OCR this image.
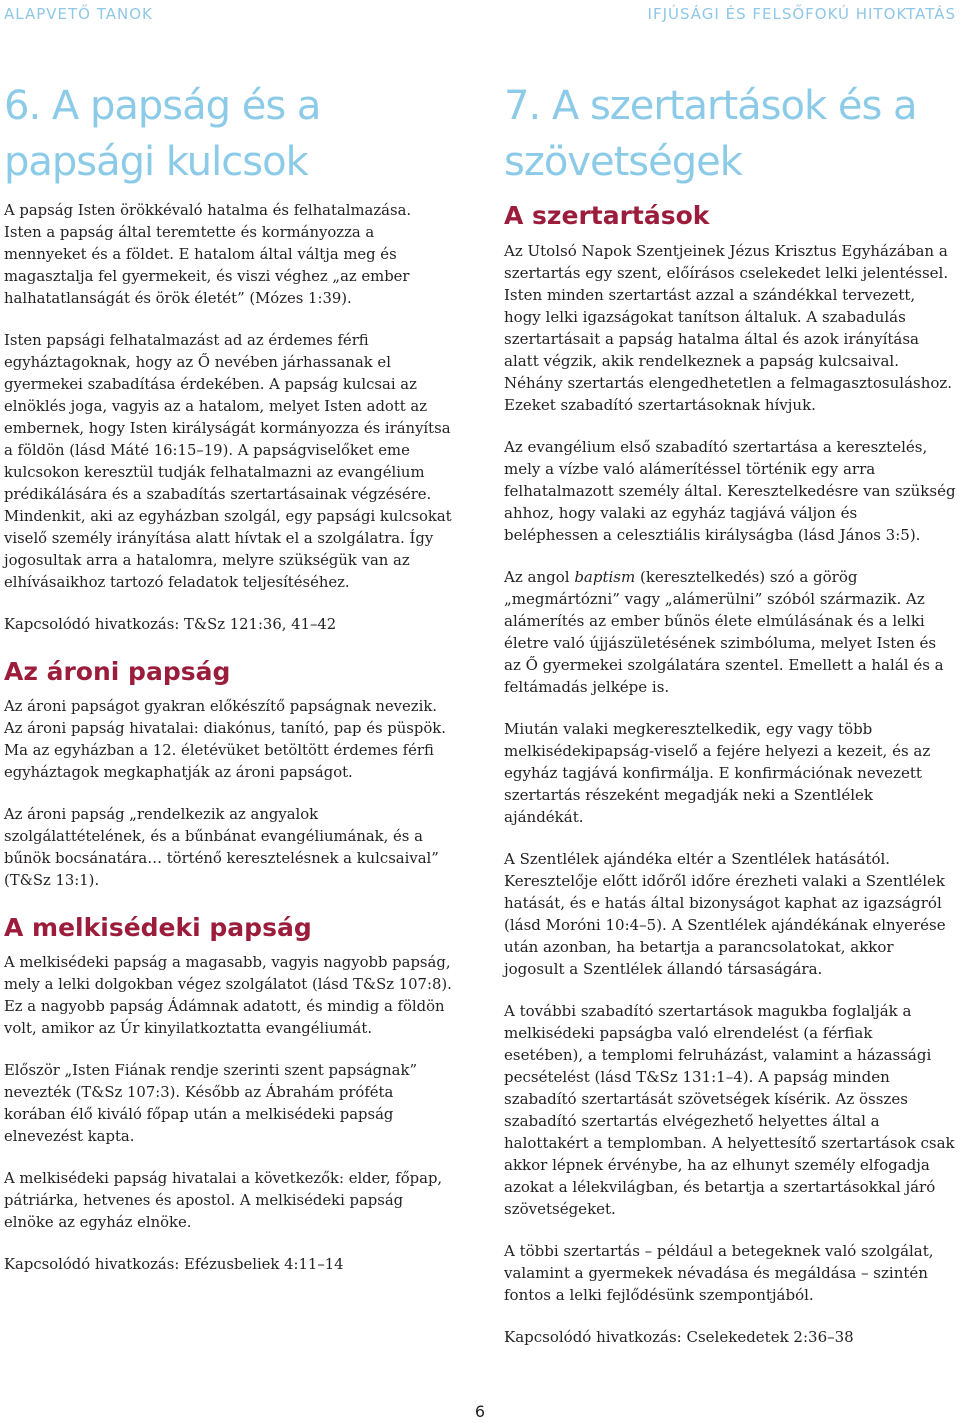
ALAPVETŐ TANOK	IFJÚSÁGI ÉS FELSŐFOKÚ HITOKTATÁS
6. A papság és a papsági kulcsok

A papság Isten örökkévaló hatalma és felhatalmazása. Isten a papság által teremtette és kormányozza a mennyeket és a földet. E hatalom által váltja meg és magasztalja fel gyermekeit, és viszi véghez „az ember halhatatlanságát és örök életét” (Mózes 1:39).

Isten papsági felhatalmazást ad az érdemes férfi egyháztagoknak, hogy az Ő nevében járhassanak el gyermekei szabadítása érdekében. A papság kulcsai az elnöklés joga, vagyis az a hatalom, melyet Isten adott az embernek, hogy Isten királyságát kormányozza és irányítsa a földön (lásd Máté 16:15–19). A papságviselőket eme kulcsokon keresztül tudják felhatalmazni az evangélium prédikálására és a szabadítás szertartásainak végzésére. Mindenkit, aki az egyházban szolgál, egy papsági kulcsokat viselő személy irányítása alatt hívtak el a szolgálatra. Így jogosultak arra a hatalomra, melyre szükségük van az elhívásaikhoz tartozó feladatok teljesítéséhez.

Kapcsolódó hivatkozás: T&Sz 121:36, 41–42

Az ároni papság

Az ároni papságot gyakran előkészítő papságnak nevezik. Az ároni papság hivatalai: diakónus, tanító, pap és püspök. Ma az egyházban a 12. életévüket betöltött érdemes férfi egyháztagok megkaphatják az ároni papságot.

Az ároni papság „rendelkezik az angyalok szolgálattételének, és a bűnbánat evangéliumának, és a bűnök bocsánatára… történő keresztelésnek a kulcsaival” (T&Sz 13:1).

A melkisédeki papság

A melkisédeki papság a magasabb, vagyis nagyobb papság, mely a lelki dolgokban végez szolgálatot (lásd T&Sz 107:8). Ez a nagyobb papság Ádámnak adatott, és mindig a földön volt, amikor az Úr kinyilatkoztatta evangéliumát.

Először „Isten Fiának rendje szerinti szent papságnak” nevezték (T&Sz 107:3). Később az Ábrahám próféta korában élő kiváló főpap után a melkisédeki papság elnevezést kapta.

A melkisédeki papság hivatalai a következők: elder, főpap, pátriárka, hetvenes és apostol. A melkisédeki papság elnöke az egyház elnöke.

Kapcsolódó hivatkozás: Efézusbeliek 4:11–14

7. A szertartások és a szövetségek
A szertartások

Az Utolsó Napok Szentjeinek Jézus Krisztus Egyházában a szertartás egy szent, előírásos cselekedet lelki jelentéssel. Isten minden szertartást azzal a szándékkal tervezett, hogy lelki igazságokat tanítson általuk. A szabadulás szertartásait a papság hatalma által és azok irányítása alatt végzik, akik rendelkeznek a papság kulcsaival. Néhány szertartás elengedhetetlen a felmagasztosuláshoz. Ezeket szabadító szertartásoknak hívjuk.

Az evangélium első szabadító szertartása a keresztelés, mely a vízbe való alámerítéssel történik egy arra felhatalmazott személy által. Keresztelkedésre van szükség ahhoz, hogy valaki az egyház tagjává váljon és beléphessen a celesztiális királyságba (lásd János 3:5).

Az angol baptism (keresztelkedés) szó a görög „megmártózni” vagy „alámerülni” szóból származik. Az alámerítés az ember bűnös élete elmúlásának és a lelki életre való újjászületésének szimbóluma, melyet Isten és az Ő gyermekei szolgálatára szentel. Emellett a halál és a feltámadás jelképe is.

Miután valaki megkeresztelkedik, egy vagy több melkisédekipapság-viselő a fejére helyezi a kezeit, és az egyház tagjává konfirmálja. E konfirmációnak nevezett szertartás részeként megadják neki a Szentlélek ajándékát.

A Szentlélek ajándéka eltér a Szentlélek hatásától. Keresztelője előtt időről időre érezheti valaki a Szentlélek hatását, és e hatás által bizonyságot kaphat az igazságról (lásd Moróni 10:4–5). A Szentlélek ajándékának elnyerése után azonban, ha betartja a parancsolatokat, akkor jogosult a Szentlélek állandó társaságára.

A további szabadító szertartások magukba foglalják a melkisédeki papságba való elrendelést (a férfiak esetében), a templomi felruházást, valamint a házassági pecsételést (lásd T&Sz 131:1–4). A papság minden szabadító szertartását szövetségek kísérik. Az összes szabadító szertartás elvégezhető helyettes által a halottakért a templomban. A helyettesítő szertartások csak akkor lépnek érvénybe, ha az elhunyt személy elfogadja azokat a lélekvilágban, és betartja a szertartásokkal járó szövetségeket.

A többi szertartás – például a betegeknek való szolgálat, valamint a gyermekek névadása és megáldása – szintén fontos a lelki fejlődésünk szempontjából.

Kapcsolódó hivatkozás: Cselekedetek 2:36–38

6
